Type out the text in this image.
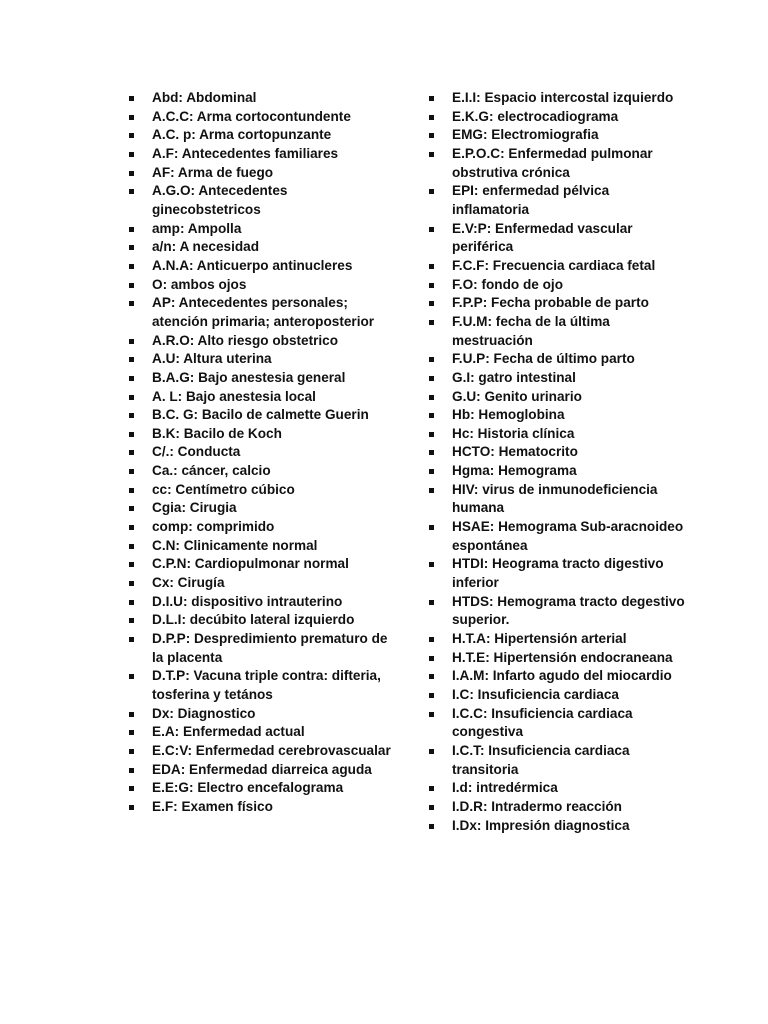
Abd: Abdominal
A.C.C: Arma cortocontundente
A.C. p: Arma cortopunzante
A.F: Antecedentes familiares
AF: Arma de fuego
A.G.O: Antecedentes ginecobstetricos
amp: Ampolla
a/n: A necesidad
A.N.A: Anticuerpo antinucleres
O: ambos ojos
AP: Antecedentes personales; atención primaria; anteroposterior
A.R.O: Alto riesgo obstetrico
A.U: Altura uterina
B.A.G: Bajo anestesia general
A. L: Bajo anestesia local
B.C. G: Bacilo de calmette Guerin
B.K: Bacilo de Koch
C/.: Conducta
Ca.: cáncer, calcio
cc: Centímetro cúbico
Cgia: Cirugia
comp: comprimido
C.N: Clinicamente normal
C.P.N: Cardiopulmonar normal
Cx: Cirugía
D.I.U: dispositivo intrauterino
D.L.I: decúbito lateral izquierdo
D.P.P: Despredimiento prematuro de la placenta
D.T.P: Vacuna triple contra: difteria, tosferina y tetános
Dx: Diagnostico
E.A: Enfermedad actual
E.C:V: Enfermedad cerebrovascualar
EDA: Enfermedad diarreica aguda
E.E:G: Electro encefalograma
E.F: Examen físico
E.I.I: Espacio intercostal izquierdo
E.K.G: electrocadiograma
EMG: Electromiografia
E.P.O.C: Enfermedad pulmonar obstrutiva crónica
EPI: enfermedad pélvica inflamatoria
E.V:P: Enfermedad vascular periférica
F.C.F: Frecuencia cardiaca fetal
F.O: fondo de ojo
F.P.P: Fecha probable de parto
F.U.M: fecha de la última mestruación
F.U.P: Fecha de último parto
G.I: gatro intestinal
G.U: Genito urinario
Hb: Hemoglobina
Hc: Historia clínica
HCTO: Hematocrito
Hgma: Hemograma
HIV: virus de inmunodeficiencia humana
HSAE: Hemograma Sub-aracnoideo espontánea
HTDI: Heograma tracto digestivo inferior
HTDS: Hemograma tracto degestivo superior.
H.T.A: Hipertensión arterial
H.T.E: Hipertensión endocraneana
I.A.M: Infarto agudo del miocardio
I.C: Insuficiencia cardiaca
I.C.C: Insuficiencia cardiaca congestiva
I.C.T: Insuficiencia cardiaca transitoria
I.d: intredérmica
I.D.R: Intradermo reacción
I.Dx: Impresión diagnostica
